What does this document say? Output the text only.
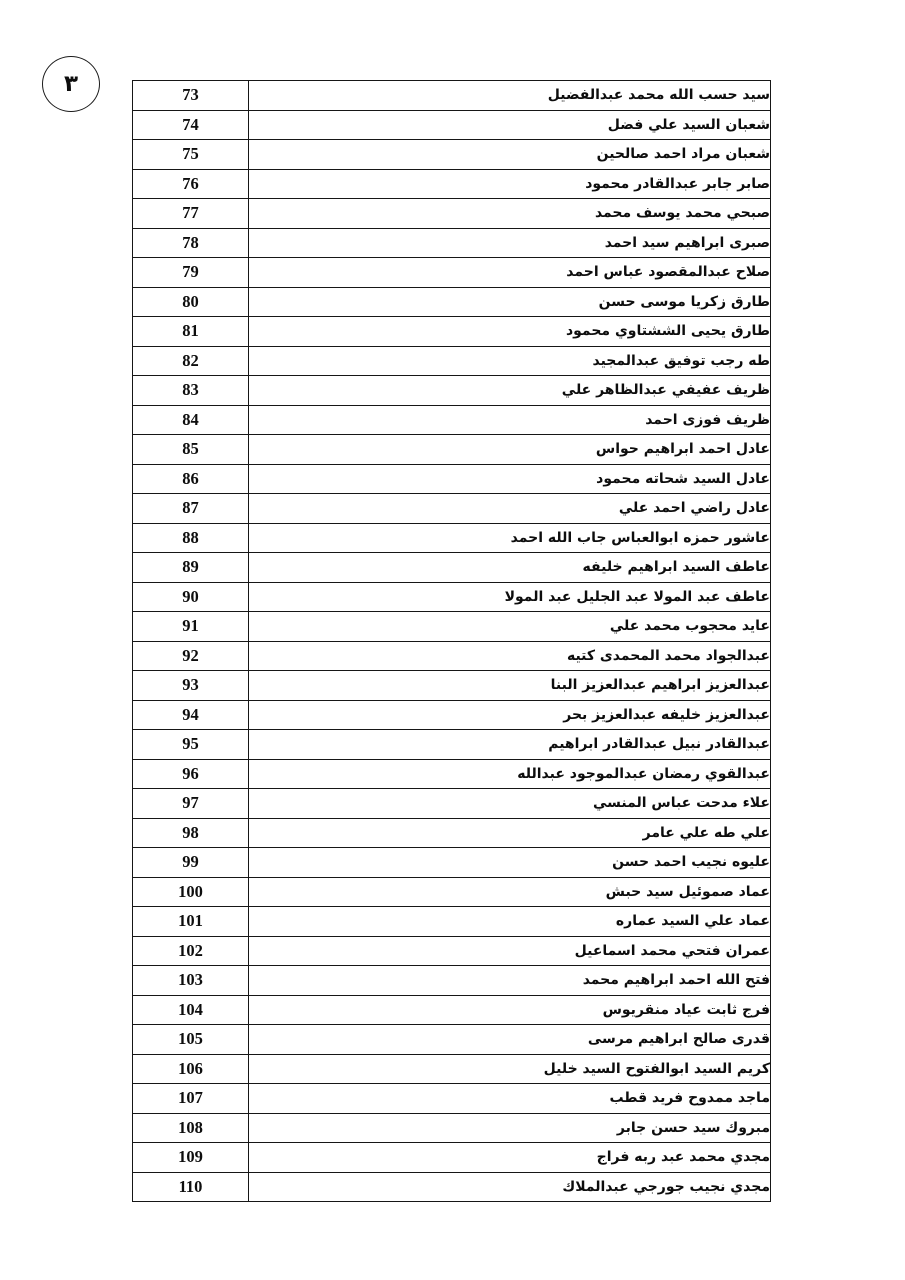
٣	سيد حسب الله محمد عبدالفضيل	73
شعبان السيد علي فضل	74
شعبان مراد احمد صالحين	75
صابر جابر عبدالقادر محمود	76
صبحي محمد يوسف محمد	77
صبرى ابراهيم سيد احمد	78
صلاح عبدالمقصود عباس احمد	79
طارق زكريا موسى حسن	80
طارق يحيى الششتاوي محمود	81
طه رجب توفيق عبدالمجيد	82
ظريف عفيفي عبدالظاهر علي	83
ظريف فوزى احمد	84
عادل احمد ابراهيم حواس	85
عادل السيد شحاته محمود	86
عادل راضي احمد علي	87
عاشور حمزه ابوالعباس جاب الله احمد	88
عاطف السيد ابراهيم خليفه	89
عاطف عبد المولا عبد الجليل عبد المولا	90
عايد محجوب محمد علي	91
عبدالجواد محمد المحمدى كتيه	92
عبدالعزيز ابراهيم عبدالعزيز البنا	93
عبدالعزيز خليفه عبدالعزيز بحر	94
عبدالقادر نبيل عبدالقادر ابراهيم	95
عبدالقوي رمضان عبدالموجود عبدالله	96
علاء مدحت عباس المنسي	97
علي طه علي عامر	98
عليوه نجيب احمد حسن	99
عماد صموئيل سيد حبش	100
عماد علي السيد عماره	101
عمران فتحي محمد اسماعيل	102
فتح الله احمد ابراهيم محمد	103
فرج ثابت عياد منقريوس	104
قدرى صالح ابراهيم مرسى	105
كريم السيد ابوالفتوح السيد خليل	106
ماجد ممدوح فريد قطب	107
مبروك سيد حسن جابر	108
مجدي محمد عبد ربه فراج	109
مجدي نجيب جورجي عبدالملاك	110
